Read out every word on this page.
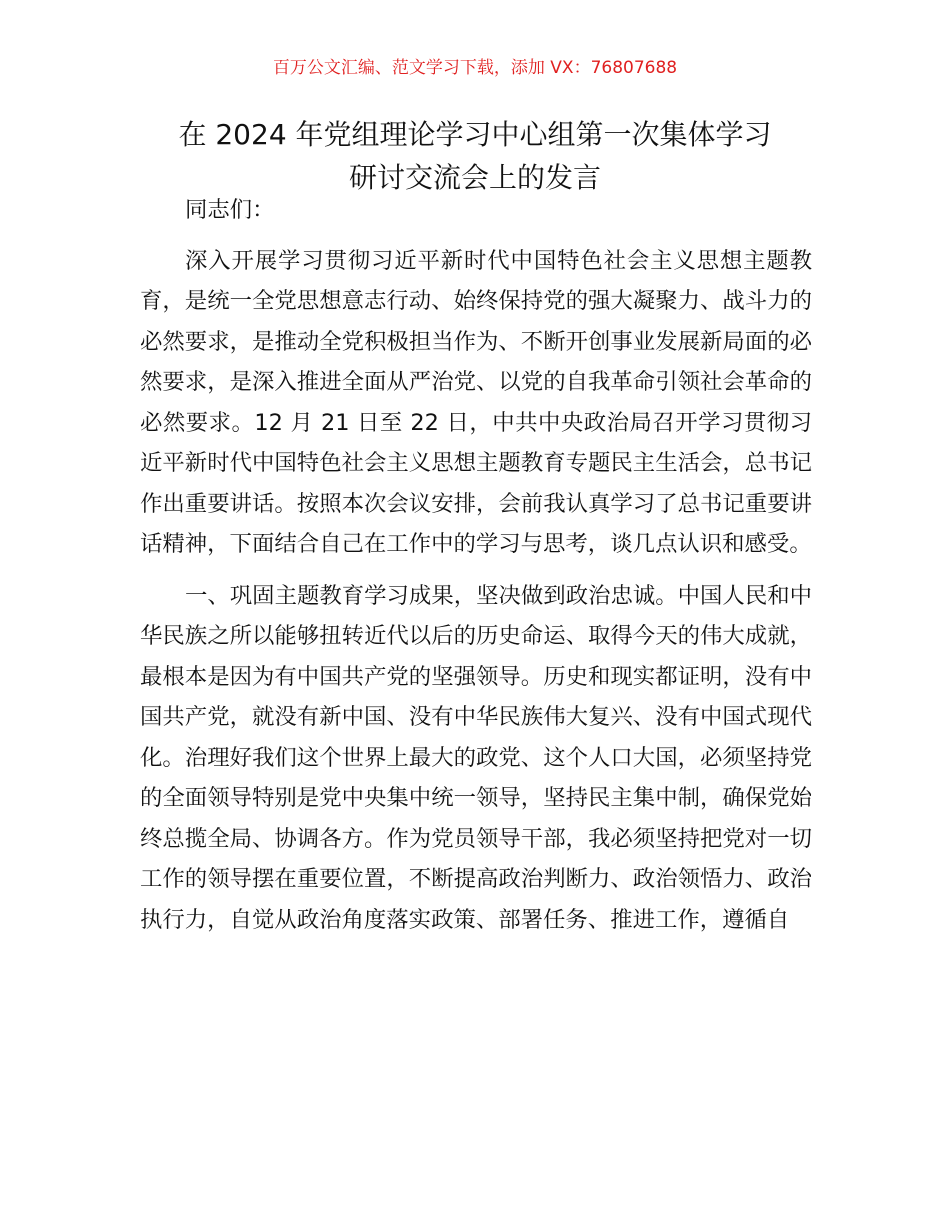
百万公文汇编、范文学习下载，添加 VX：76807688
在 2024 年党组理论学习中心组第一次集体学习
研讨交流会上的发言

同志们：

深入开展学习贯彻习近平新时代中国特色社会主义思想主题教育，是统一全党思想意志行动、始终保持党的强大凝聚力、战斗力的必然要求，是推动全党积极担当作为、不断开创事业发展新局面的必然要求，是深入推进全面从严治党、以党的自我革命引领社会革命的必然要求。12 月 21 日至 22 日，中共中央政治局召开学习贯彻习近平新时代中国特色社会主义思想主题教育专题民主生活会，总书记作出重要讲话。按照本次会议安排，会前我认真学习了总书记重要讲话精神，下面结合自己在工作中的学习与思考，谈几点认识和感受。

一、巩固主题教育学习成果，坚决做到政治忠诚。中国人民和中华民族之所以能够扭转近代以后的历史命运、取得今天的伟大成就，最根本是因为有中国共产党的坚强领导。历史和现实都证明，没有中国共产党，就没有新中国、没有中华民族伟大复兴、没有中国式现代化。治理好我们这个世界上最大的政党、这个人口大国，必须坚持党的全面领导特别是党中央集中统一领导，坚持民主集中制，确保党始终总揽全局、协调各方。作为党员领导干部，我必须坚持把党对一切工作的领导摆在重要位置，不断提高政治判断力、政治领悟力、政治执行力，自觉从政治角度落实政策、部署任务、推进工作，遵循自
